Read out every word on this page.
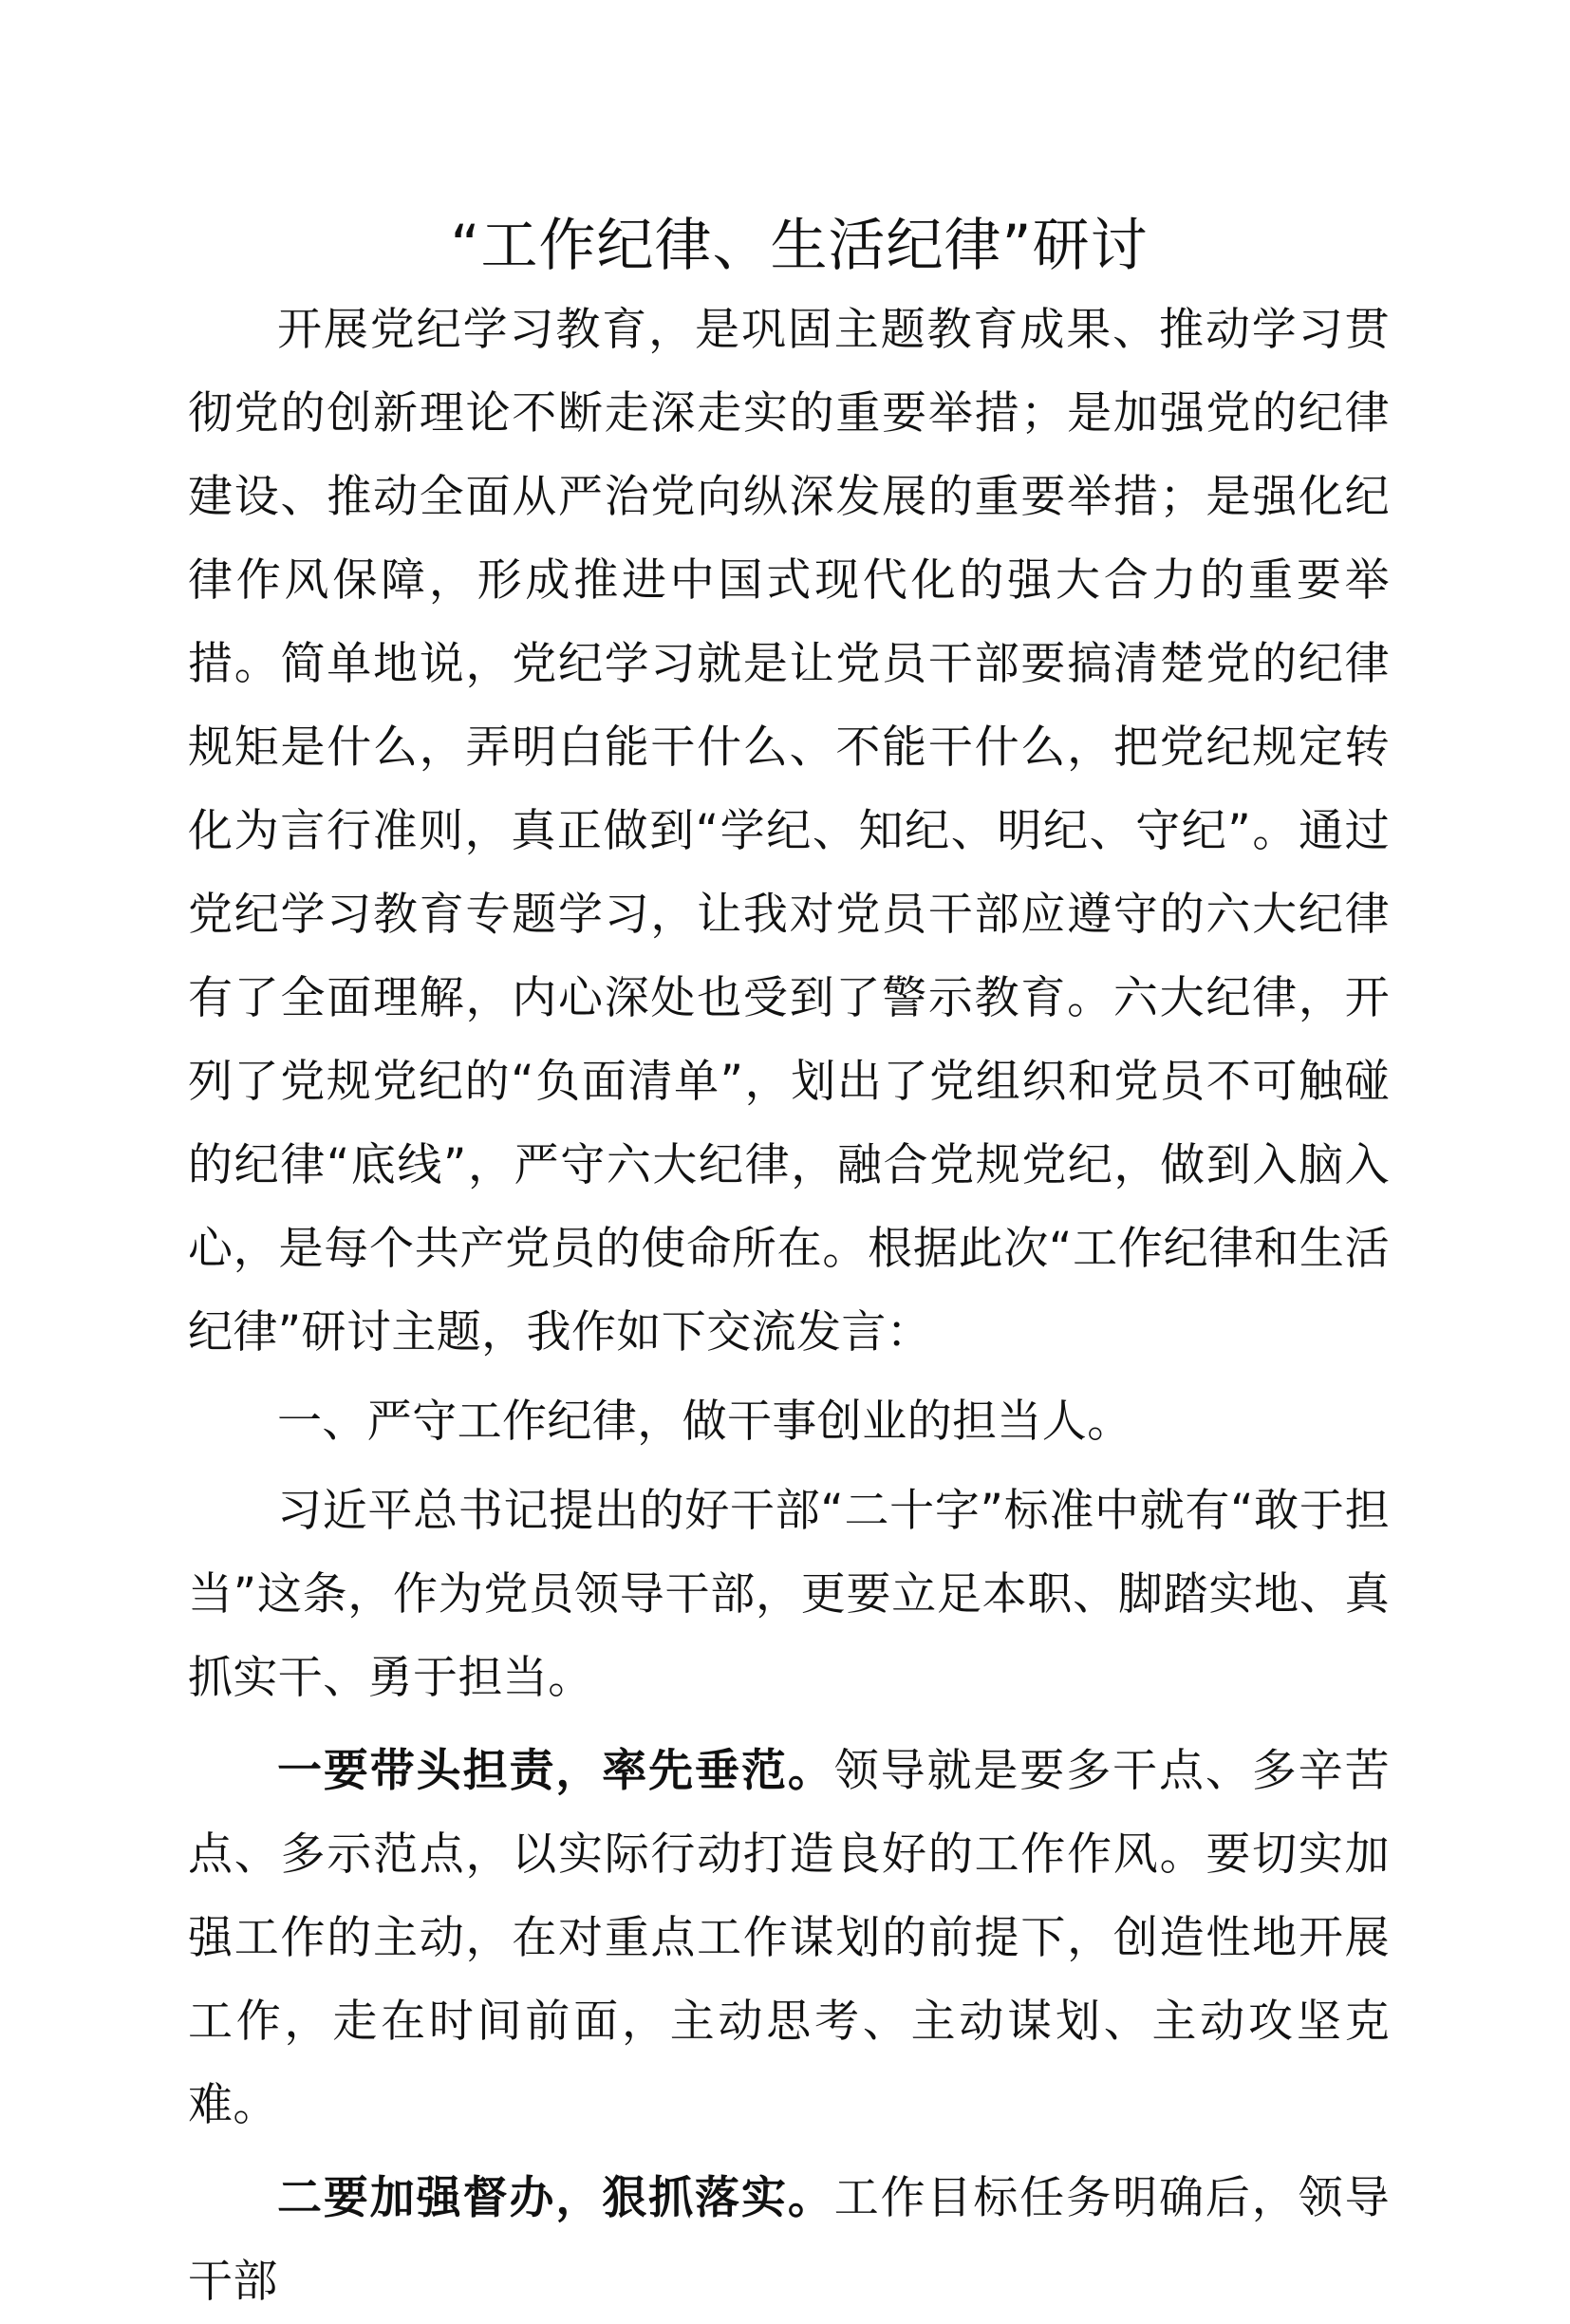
“工作纪律、生活纪律”研讨

开展党纪学习教育，是巩固主题教育成果、推动学习贯彻党的创新理论不断走深走实的重要举措；是加强党的纪律建设、推动全面从严治党向纵深发展的重要举措；是强化纪律作风保障，形成推进中国式现代化的强大合力的重要举措。简单地说，党纪学习就是让党员干部要搞清楚党的纪律规矩是什么，弄明白能干什么、不能干什么，把党纪规定转化为言行准则，真正做到“学纪、知纪、明纪、守纪”。通过党纪学习教育专题学习，让我对党员干部应遵守的六大纪律有了全面理解，内心深处也受到了警示教育。六大纪律，开列了党规党纪的“负面清单”，划出了党组织和党员不可触碰的纪律“底线”，严守六大纪律，融合党规党纪，做到入脑入心，是每个共产党员的使命所在。根据此次“工作纪律和生活纪律”研讨主题，我作如下交流发言：

一、严守工作纪律，做干事创业的担当人。

习近平总书记提出的好干部“二十字”标准中就有“敢于担当”这条，作为党员领导干部，更要立足本职、脚踏实地、真抓实干、勇于担当。

一要带头担责，率先垂范。领导就是要多干点、多辛苦点、多示范点，以实际行动打造良好的工作作风。要切实加强工作的主动，在对重点工作谋划的前提下，创造性地开展工作，走在时间前面，主动思考、主动谋划、主动攻坚克难。

二要加强督办，狠抓落实。工作目标任务明确后，领导干部
